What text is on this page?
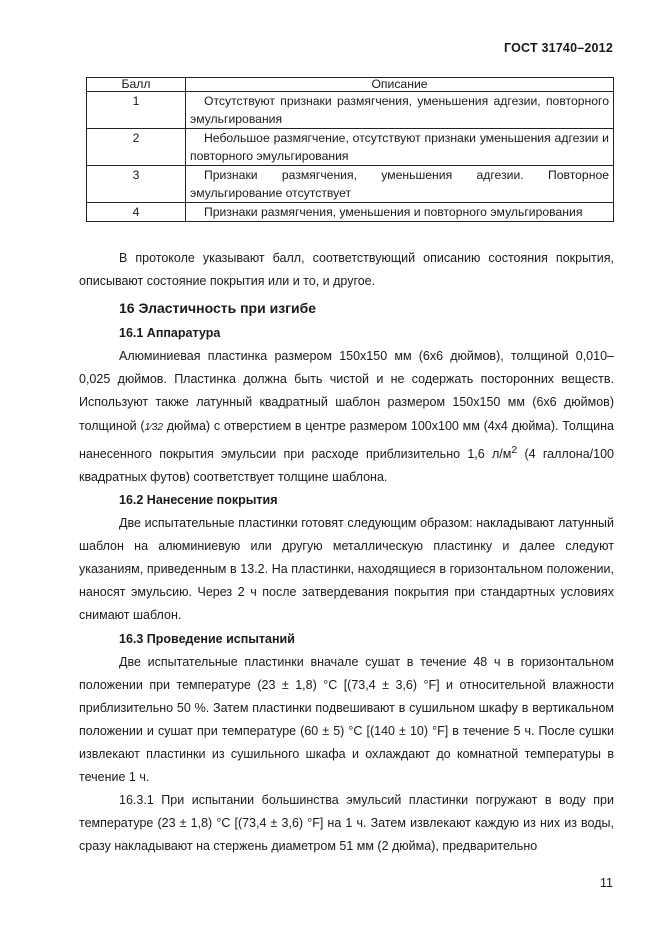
ГОСТ 31740–2012
Балл	Описание
1	Отсутствуют признаки размягчения, уменьшения адгезии, повторного эмульгирования
2	Небольшое размягчение, отсутствуют признаки уменьшения адгезии и повторного эмульгирования
3	Признаки размягчения, уменьшения адгезии. Повторное эмульгирование отсутствует
4	Признаки размягчения, уменьшения и повторного эмульгирования

В протоколе указывают балл, соответствующий описанию состояния покрытия, описывают состояние покрытия или и то, и другое.

16 Эластичность при изгибе
16.1 Аппаратура

Алюминиевая пластинка размером 150х150 мм (6х6 дюймов), толщиной 0,010–0,025 дюймов. Пластинка должна быть чистой и не содержать посторонних веществ. Используют также латунный квадратный шаблон размером 150х150 мм (6х6 дюймов) толщиной (1⁄32 дюйма) с отверстием в центре размером 100х100 мм (4х4 дюйма). Толщина нанесенного покрытия эмульсии при расходе приблизительно 1,6 $л/м^2$ (4 галлона/100 квадратных футов) соответствует толщине шаблона.

16.2 Нанесение покрытия

Две испытательные пластинки готовят следующим образом: накладывают латунный шаблон на алюминиевую или другую металлическую пластинку и далее следуют указаниям, приведенным в 13.2. На пластинки, находящиеся в горизонтальном положении, наносят эмульсию. Через 2 ч после затвердевания покрытия при стандартных условиях снимают шаблон.

16.3 Проведение испытаний

Две испытательные пластинки вначале сушат в течение 48 ч в горизонтальном положении при температуре (23 ± 1,8) °С [(73,4 ± 3,6) °F] и относительной влажности приблизительно 50 %. Затем пластинки подвешивают в сушильном шкафу в вертикальном положении и сушат при температуре (60 ± 5) °С [(140 ± 10) °F] в течение 5 ч. После сушки извлекают пластинки из сушильного шкафа и охлаждают до комнатной температуры в течение 1 ч.

16.3.1 При испытании большинства эмульсий пластинки погружают в воду при температуре (23 ± 1,8) °С [(73,4 ± 3,6) °F] на 1 ч. Затем извлекают каждую из них из воды, сразу накладывают на стержень диаметром 51 мм (2 дюйма), предварительно

11
